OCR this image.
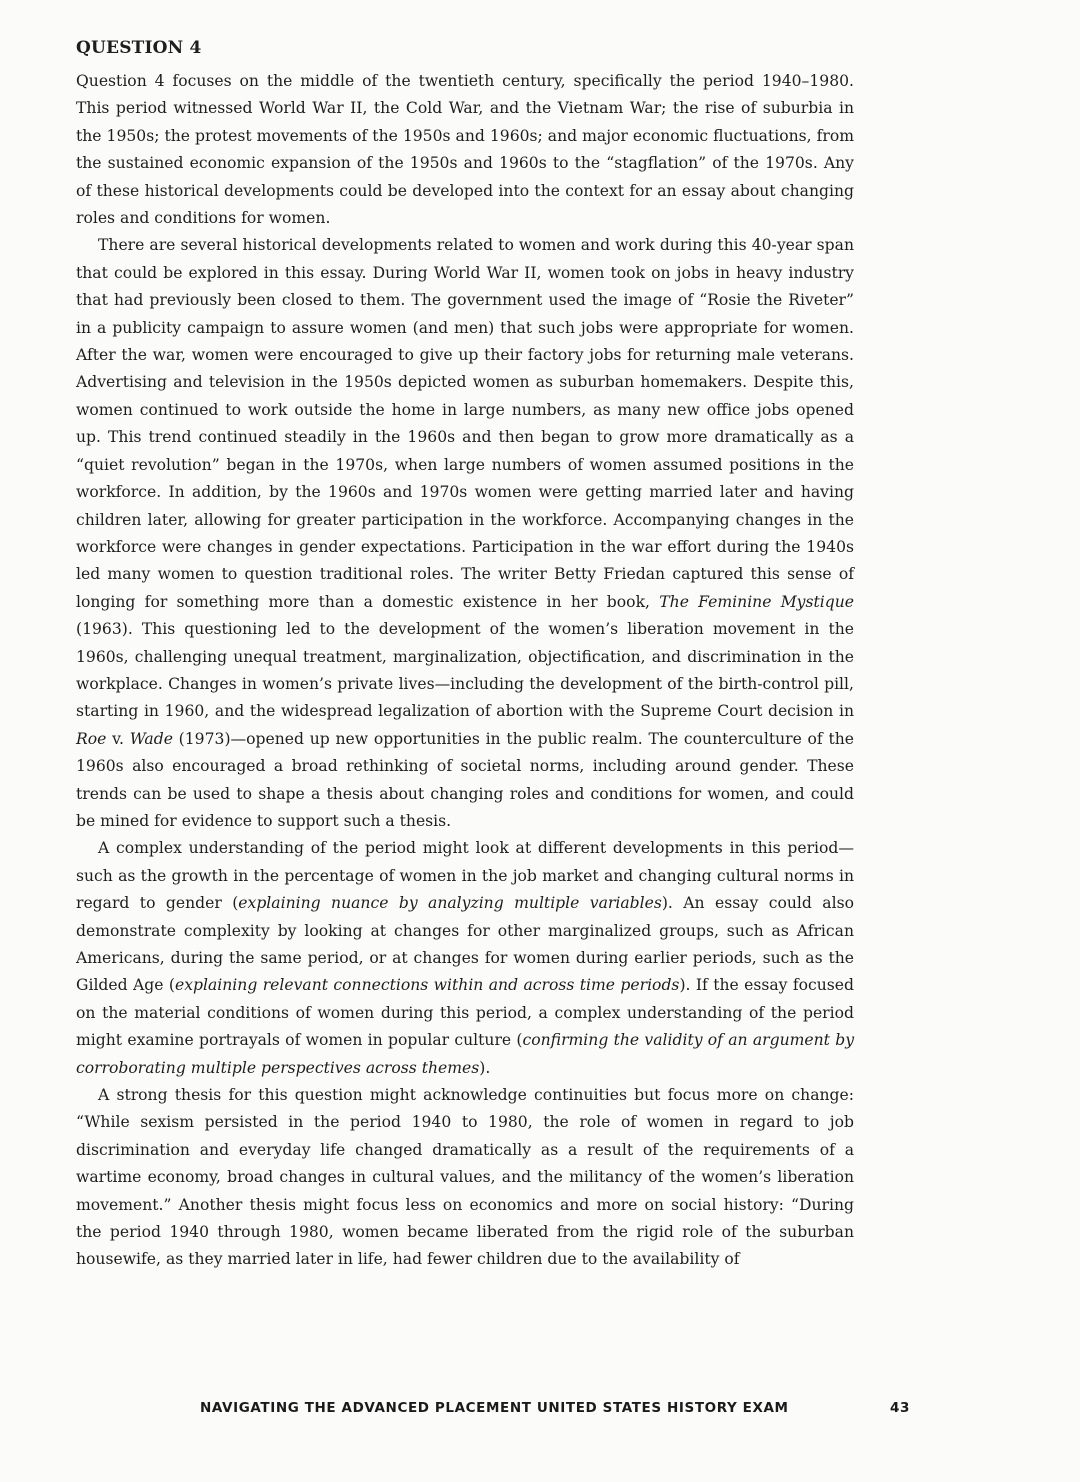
QUESTION 4

Question 4 focuses on the middle of the twentieth century, specifically the period 1940–1980. This period witnessed World War II, the Cold War, and the Vietnam War; the rise of suburbia in the 1950s; the protest movements of the 1950s and 1960s; and major economic fluctuations, from the sustained economic expansion of the 1950s and 1960s to the “stagflation” of the 1970s. Any of these historical developments could be developed into the context for an essay about changing roles and conditions for women.

There are several historical developments related to women and work during this 40-year span that could be explored in this essay. During World War II, women took on jobs in heavy industry that had previously been closed to them. The government used the image of “Rosie the Riveter” in a publicity campaign to assure women (and men) that such jobs were appropriate for women. After the war, women were encouraged to give up their factory jobs for returning male veterans. Advertising and television in the 1950s depicted women as suburban homemakers. Despite this, women continued to work outside the home in large numbers, as many new office jobs opened up. This trend continued steadily in the 1960s and then began to grow more dramatically as a “quiet revolution” began in the 1970s, when large numbers of women assumed positions in the workforce. In addition, by the 1960s and 1970s women were getting married later and having children later, allowing for greater participation in the workforce. Accompanying changes in the workforce were changes in gender expectations. Participation in the war effort during the 1940s led many women to question traditional roles. The writer Betty Friedan captured this sense of longing for something more than a domestic existence in her book, The Feminine Mystique (1963). This questioning led to the development of the women’s liberation movement in the 1960s, challenging unequal treatment, marginalization, objectification, and discrimination in the workplace. Changes in women’s private lives—including the development of the birth-control pill, starting in 1960, and the widespread legalization of abortion with the Supreme Court decision in Roe v. Wade (1973)—opened up new opportunities in the public realm. The counterculture of the 1960s also encouraged a broad rethinking of societal norms, including around gender. These trends can be used to shape a thesis about changing roles and conditions for women, and could be mined for evidence to support such a thesis.

A complex understanding of the period might look at different developments in this period—such as the growth in the percentage of women in the job market and changing cultural norms in regard to gender (explaining nuance by analyzing multiple variables). An essay could also demonstrate complexity by looking at changes for other marginalized groups, such as African Americans, during the same period, or at changes for women during earlier periods, such as the Gilded Age (explaining relevant connections within and across time periods). If the essay focused on the material conditions of women during this period, a complex understanding of the period might examine portrayals of women in popular culture (confirming the validity of an argument by corroborating multiple perspectives across themes).

A strong thesis for this question might acknowledge continuities but focus more on change: “While sexism persisted in the period 1940 to 1980, the role of women in regard to job discrimination and everyday life changed dramatically as a result of the requirements of a wartime economy, broad changes in cultural values, and the militancy of the women’s liberation movement.” Another thesis might focus less on economics and more on social history: “During the period 1940 through 1980, women became liberated from the rigid role of the suburban housewife, as they married later in life, had fewer children due to the availability of

NAVIGATING THE ADVANCED PLACEMENT UNITED STATES HISTORY EXAM	43
